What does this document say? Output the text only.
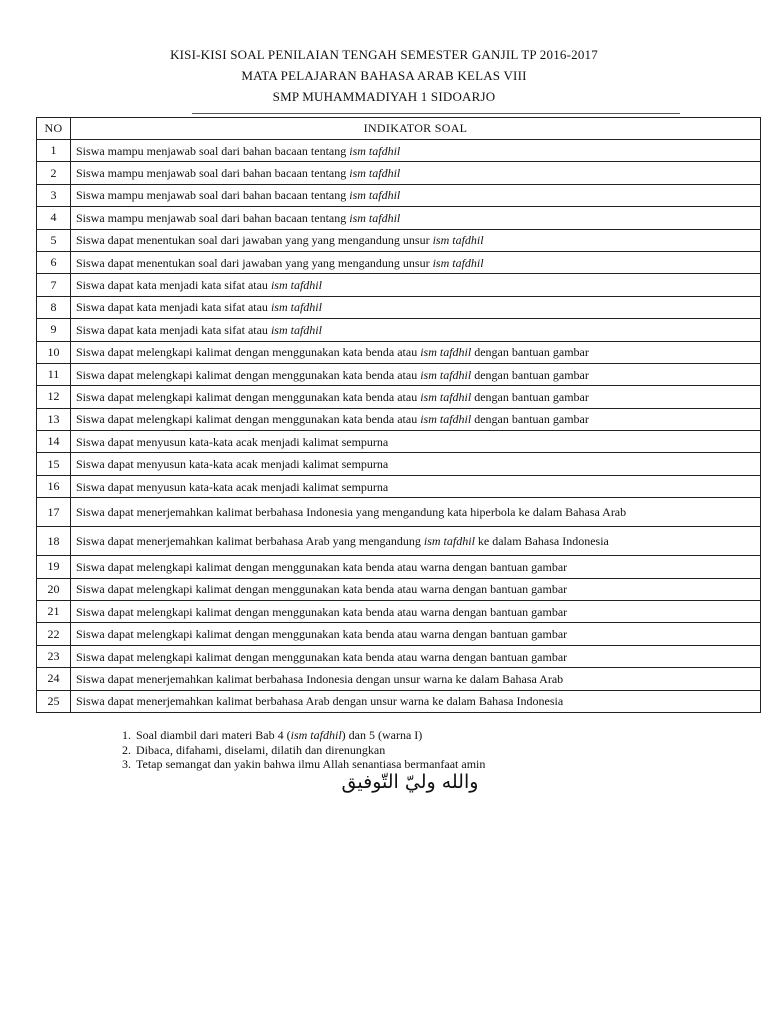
KISI-KISI SOAL PENILAIAN TENGAH SEMESTER GANJIL TP 2016-2017
MATA PELAJARAN BAHASA ARAB KELAS VIII
SMP MUHAMMADIYAH 1 SIDOARJO
NO	INDIKATOR SOAL
1	Siswa mampu menjawab soal dari bahan bacaan tentang ism tafdhil
2	Siswa mampu menjawab soal dari bahan bacaan tentang ism tafdhil
3	Siswa mampu menjawab soal dari bahan bacaan tentang ism tafdhil
4	Siswa mampu menjawab soal dari bahan bacaan tentang ism tafdhil
5	Siswa dapat menentukan soal dari jawaban yang yang mengandung unsur ism tafdhil
6	Siswa dapat menentukan soal dari jawaban yang yang mengandung unsur ism tafdhil
7	Siswa dapat kata menjadi kata sifat atau ism tafdhil
8	Siswa dapat kata menjadi kata sifat atau ism tafdhil
9	Siswa dapat kata menjadi kata sifat atau ism tafdhil
10	Siswa dapat melengkapi kalimat dengan menggunakan kata benda atau ism tafdhil dengan bantuan gambar
11	Siswa dapat melengkapi kalimat dengan menggunakan kata benda atau ism tafdhil dengan bantuan gambar
12	Siswa dapat melengkapi kalimat dengan menggunakan kata benda atau ism tafdhil dengan bantuan gambar
13	Siswa dapat melengkapi kalimat dengan menggunakan kata benda atau ism tafdhil dengan bantuan gambar
14	Siswa dapat menyusun kata-kata acak menjadi kalimat sempurna
15	Siswa dapat menyusun kata-kata acak menjadi kalimat sempurna
16	Siswa dapat menyusun kata-kata acak menjadi kalimat sempurna
17	Siswa dapat menerjemahkan kalimat berbahasa Indonesia yang mengandung kata hiperbola ke dalam Bahasa Arab
18	Siswa dapat menerjemahkan kalimat berbahasa Arab yang mengandung ism tafdhil ke dalam Bahasa Indonesia
19	Siswa dapat melengkapi kalimat dengan menggunakan kata benda atau warna dengan bantuan gambar
20	Siswa dapat melengkapi kalimat dengan menggunakan kata benda atau warna dengan bantuan gambar
21	Siswa dapat melengkapi kalimat dengan menggunakan kata benda atau warna dengan bantuan gambar
22	Siswa dapat melengkapi kalimat dengan menggunakan kata benda atau warna dengan bantuan gambar
23	Siswa dapat melengkapi kalimat dengan menggunakan kata benda atau warna dengan bantuan gambar
24	Siswa dapat menerjemahkan kalimat berbahasa Indonesia dengan unsur warna ke dalam Bahasa Arab
25	Siswa dapat menerjemahkan kalimat berbahasa Arab dengan unsur warna ke dalam Bahasa Indonesia
1. Soal diambil dari materi Bab 4 (ism tafdhil) dan 5 (warna I)
2. Dibaca, difahami, diselami, dilatih dan direnungkan
3. Tetap semangat dan yakin bahwa ilmu Allah senantiasa bermanfaat amin
والله وليّ التّوفيق
